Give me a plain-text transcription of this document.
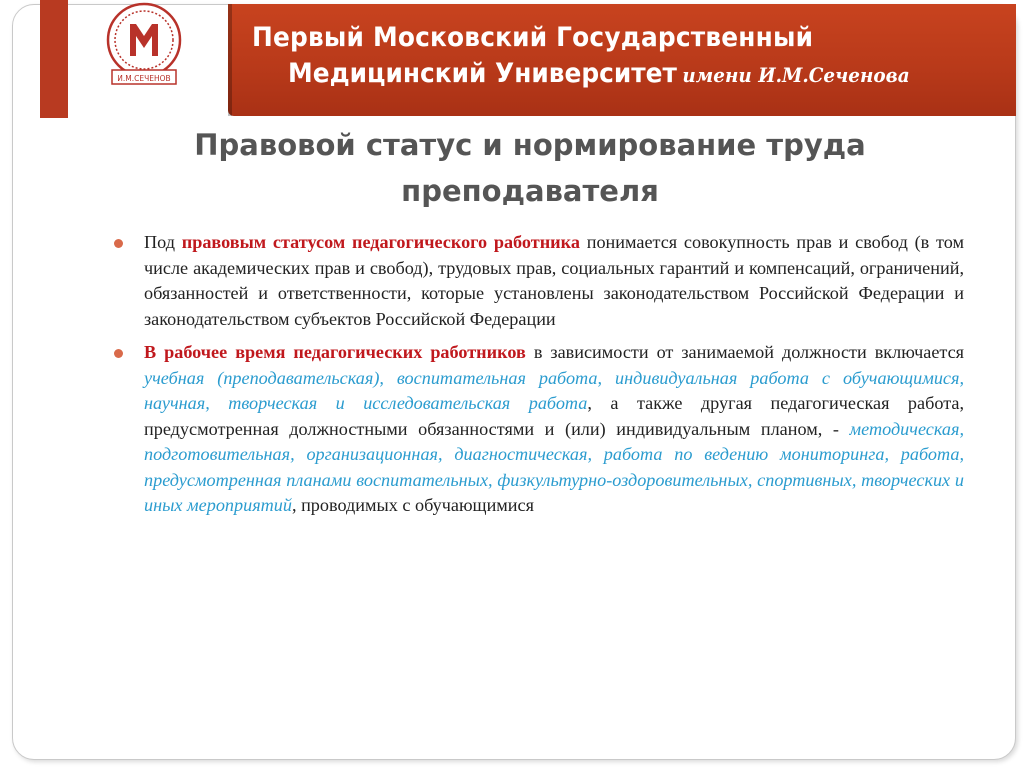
И.М.СЕЧЕНОВ
Первый Московский Государственный
Медицинский Университет имени И.М.Сеченова
Правовой статус и нормирование труда
преподавателя
Под правовым статусом педагогического работника понимается совокупность прав и свобод (в том числе академических прав и свобод), трудовых прав, социальных гарантий и компенсаций, ограничений, обязанностей и ответственности, которые установлены законодательством Российской Федерации и законодательством субъектов Российской Федерации
В рабочее время педагогических работников в зависимости от занимаемой должности включается учебная (преподавательская), воспитательная работа, индивидуальная работа с обучающимися, научная, творческая и исследовательская работа, а также другая педагогическая работа, предусмотренная должностными обязанностями и (или) индивидуальным планом, - методическая, подготовительная, организационная, диагностическая, работа по ведению мониторинга, работа, предусмотренная планами воспитательных, физкультурно-оздоровительных, спортивных, творческих и иных мероприятий, проводимых с обучающимися
